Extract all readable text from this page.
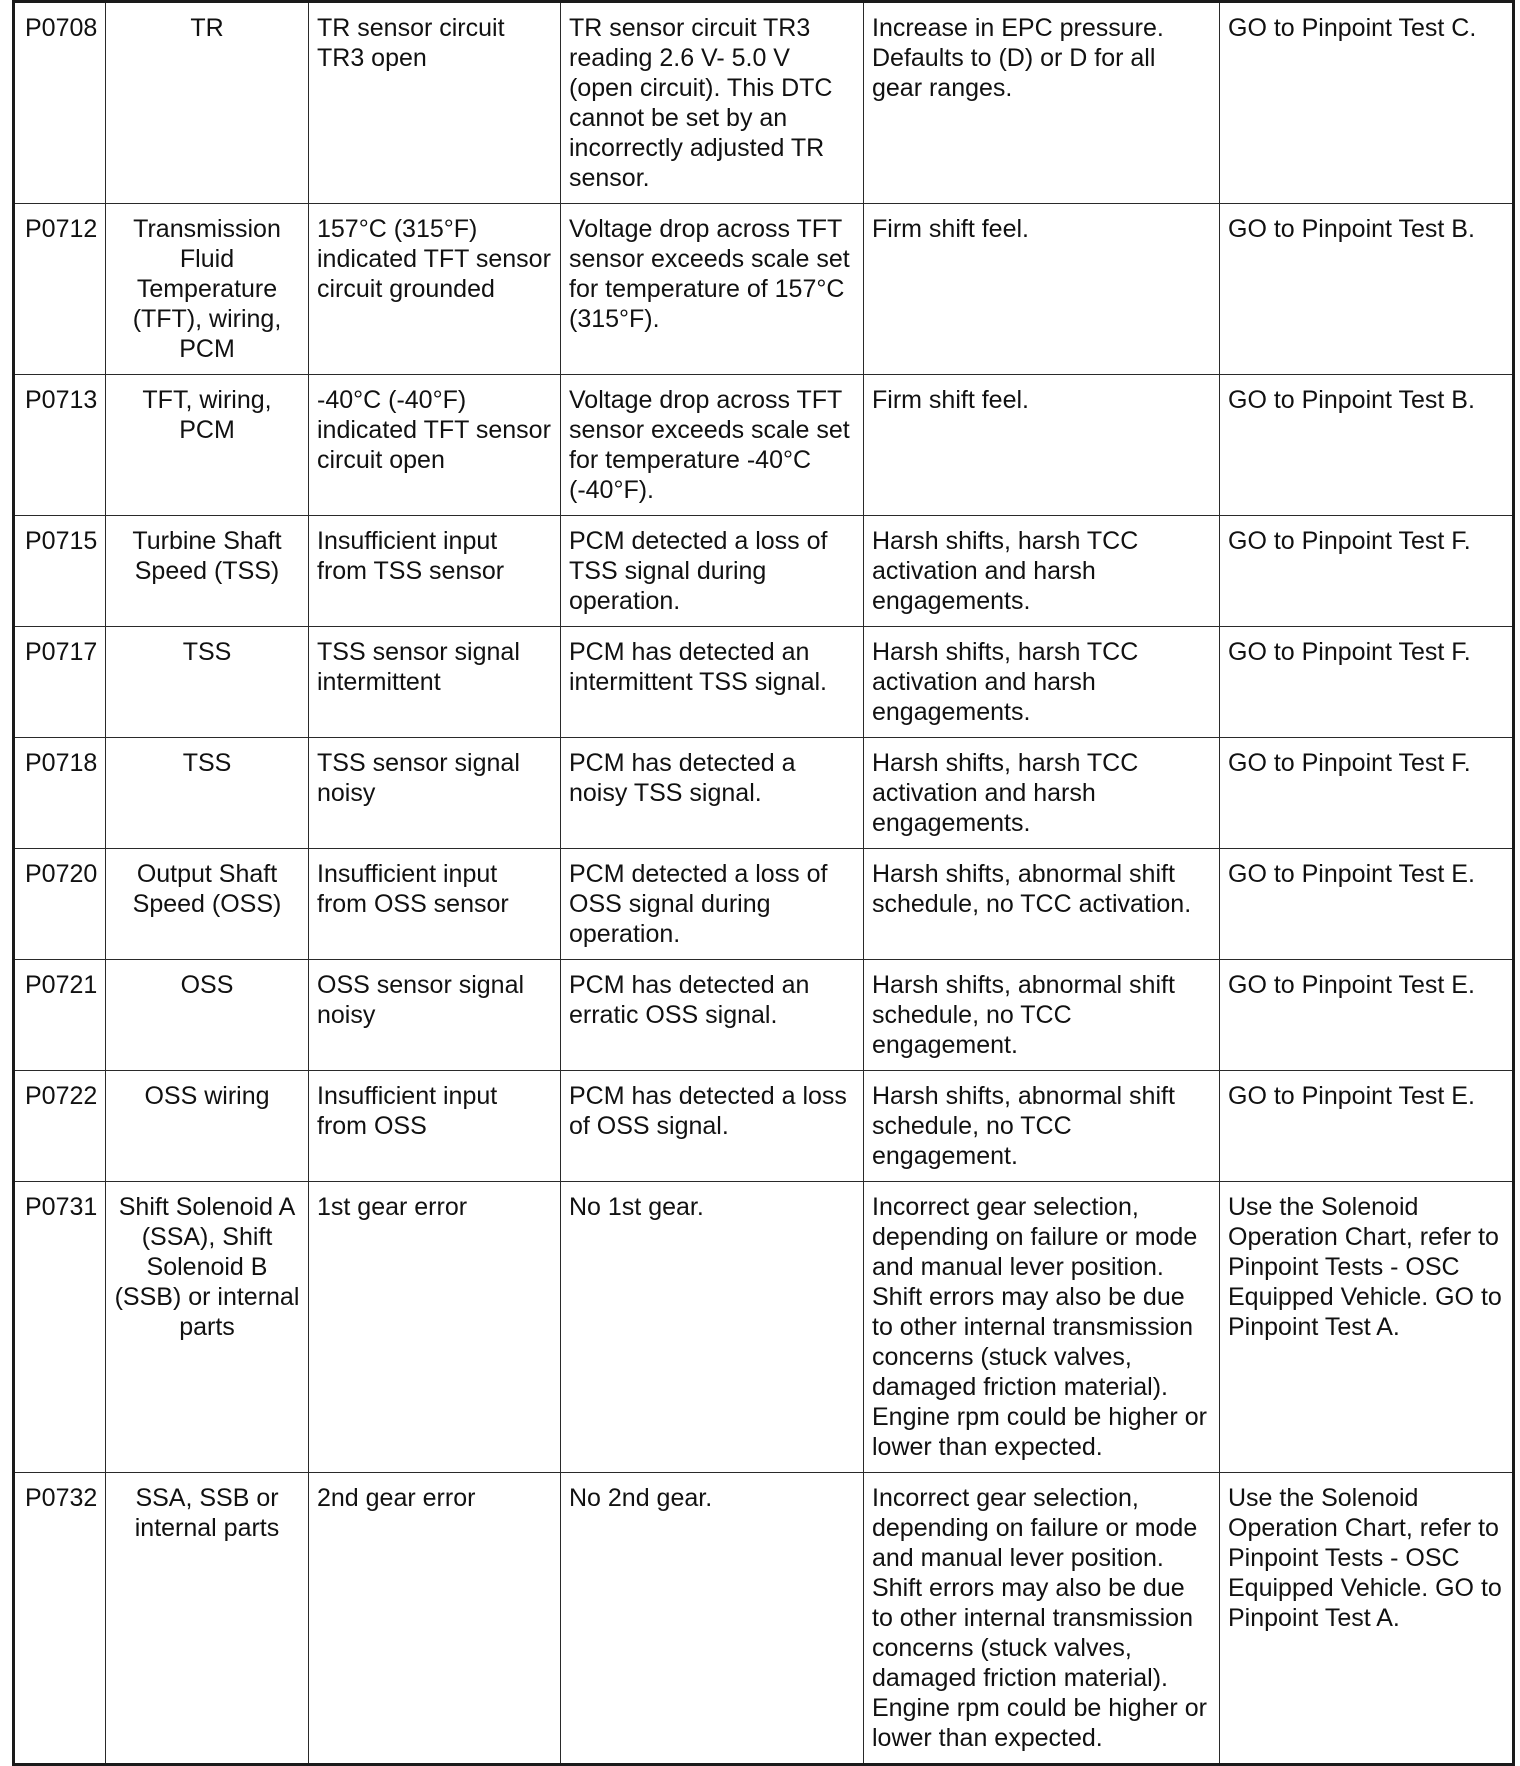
P0708	TR	TR sensor circuit TR3 open	TR sensor circuit TR3 reading 2.6 V- 5.0 V (open circuit). This DTC cannot be set by an incorrectly adjusted TR sensor.	Increase in EPC pressure. Defaults to (D) or D for all gear ranges.	GO to Pinpoint Test C.
P0712	Transmission Fluid Temperature (TFT), wiring, PCM	157°C (315°F) indicated TFT sensor circuit grounded	Voltage drop across TFT sensor exceeds scale set for temperature of 157°C (315°F).	Firm shift feel.	GO to Pinpoint Test B.
P0713	TFT, wiring, PCM	-40°C (-40°F) indicated TFT sensor circuit open	Voltage drop across TFT sensor exceeds scale set for temperature -40°C (-40°F).	Firm shift feel.	GO to Pinpoint Test B.
P0715	Turbine Shaft Speed (TSS)	Insufficient input from TSS sensor	PCM detected a loss of TSS signal during operation.	Harsh shifts, harsh TCC activation and harsh engagements.	GO to Pinpoint Test F.
P0717	TSS	TSS sensor signal intermittent	PCM has detected an intermittent TSS signal.	Harsh shifts, harsh TCC activation and harsh engagements.	GO to Pinpoint Test F.
P0718	TSS	TSS sensor signal noisy	PCM has detected a noisy TSS signal.	Harsh shifts, harsh TCC activation and harsh engagements.	GO to Pinpoint Test F.
P0720	Output Shaft Speed (OSS)	Insufficient input from OSS sensor	PCM detected a loss of OSS signal during operation.	Harsh shifts, abnormal shift schedule, no TCC activation.	GO to Pinpoint Test E.
P0721	OSS	OSS sensor signal noisy	PCM has detected an erratic OSS signal.	Harsh shifts, abnormal shift schedule, no TCC engagement.	GO to Pinpoint Test E.
P0722	OSS wiring	Insufficient input from OSS	PCM has detected a loss of OSS signal.	Harsh shifts, abnormal shift schedule, no TCC engagement.	GO to Pinpoint Test E.
P0731	Shift Solenoid A (SSA), Shift Solenoid B (SSB) or internal parts	1st gear error	No 1st gear.	Incorrect gear selection, depending on failure or mode and manual lever position. Shift errors may also be due to other internal transmission concerns (stuck valves, damaged friction material). Engine rpm could be higher or lower than expected.	Use the Solenoid Operation Chart, refer to Pinpoint Tests - OSC Equipped Vehicle. GO to Pinpoint Test A.
P0732	SSA, SSB or internal parts	2nd gear error	No 2nd gear.	Incorrect gear selection, depending on failure or mode and manual lever position. Shift errors may also be due to other internal transmission concerns (stuck valves, damaged friction material). Engine rpm could be higher or lower than expected.	Use the Solenoid Operation Chart, refer to Pinpoint Tests - OSC Equipped Vehicle. GO to Pinpoint Test A.
